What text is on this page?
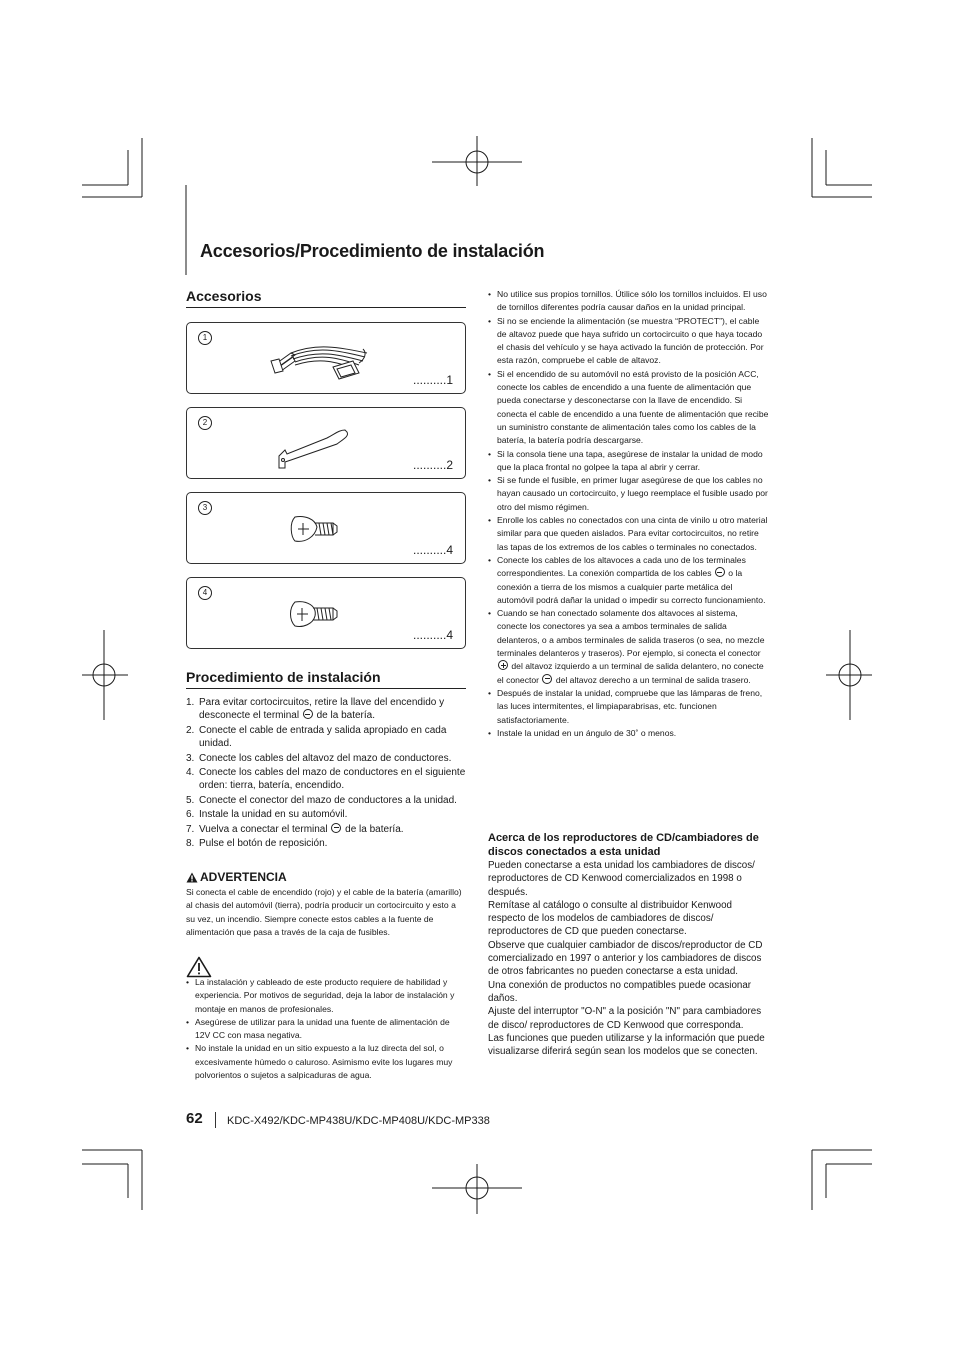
Accesorios/Procedimiento de instalación
Accesorios
1
..........1
2
..........2
3
..........4
4
..........4
Procedimiento de instalación
1. Para evitar cortocircuitos, retire la llave del encendido y desconecte el terminal de la batería.
2. Conecte el cable de entrada y salida apropiado en cada unidad.
3. Conecte los cables del altavoz del mazo de conductores.
4. Conecte los cables del mazo de conductores en el siguiente orden: tierra, batería, encendido.
5. Conecte el conector del mazo de conductores a la unidad.
6. Instale la unidad en su automóvil.
7. Vuelva a conectar el terminal de la batería.
8. Pulse el botón de reposición.
ADVERTENCIA

Si conecta el cable de encendido (rojo) y el cable de la batería (amarillo) al chasis del automóvil (tierra), podría producir un cortocircuito y esto a su vez, un incendio. Siempre conecte estos cables a la fuente de alimentación que pasa a través de la caja de fusibles.

• La instalación y cableado de este producto requiere de habilidad y experiencia. Por motivos de seguridad, deja la labor de instalación y montaje en manos de profesionales.
• Asegúrese de utilizar para la unidad una fuente de alimentación de 12V CC con masa negativa.
• No instale la unidad en un sitio expuesto a la luz directa del sol, o excesivamente húmedo o caluroso. Asimismo evite los lugares muy polvorientos o sujetos a salpicaduras de agua.
• No utilice sus propios tornillos. Útilice sólo los tornillos incluidos. El uso de tornillos diferentes podría causar daños en la unidad principal.
• Si no se enciende la alimentación (se muestra “PROTECT”), el cable de altavoz puede que haya sufrido un cortocircuito o que haya tocado el chasis del vehículo y se haya activado la función de protección. Por esta razón, compruebe el cable de altavoz.
• Si el encendido de su automóvil no está provisto de la posición ACC, conecte los cables de encendido a una fuente de alimentación que pueda conectarse y desconectarse con la llave de encendido. Si conecta el cable de encendido a una fuente de alimentación que recibe un suministro constante de alimentación tales como los cables de la batería, la batería podría descargarse.
• Si la consola tiene una tapa, asegúrese de instalar la unidad de modo que la placa frontal no golpee la tapa al abrir y cerrar.
• Si se funde el fusible, en primer lugar asegúrese de que los cables no hayan causado un cortocircuito, y luego reemplace el fusible usado por otro del mismo régimen.
• Enrolle los cables no conectados con una cinta de vinilo u otro material similar para que queden aislados. Para evitar cortocircuitos, no retire las tapas de los extremos de los cables o terminales no conectados.
• Conecte los cables de los altavoces a cada uno de los terminales correspondientes. La conexión compartida de los cables o la conexión a tierra de los mismos a cualquier parte metálica del automóvil podrá dañar la unidad o impedir su correcto funcionamiento.
• Cuando se han conectado solamente dos altavoces al sistema, conecte los conectores ya sea a ambos terminales de salida delanteros, o a ambos terminales de salida traseros (o sea, no mezcle terminales delanteros y traseros). Por ejemplo, si conecta el conector  del altavoz izquierdo a un terminal de salida delantero, no conecte el conector del altavoz derecho a un terminal de salida trasero.
• Después de instalar la unidad, compruebe que las lámparas de freno, las luces intermitentes, el limpiaparabrisas, etc. funcionen satisfactoriamente.
• Instale la unidad en un ángulo de 30˚ o menos.
Acerca de los reproductores de CD/cambiadores de discos conectados a esta unidad

Pueden conectarse a esta unidad los cambiadores de discos/ reproductores de CD Kenwood comercializados en 1998 o después.

Remítase al catálogo o consulte al distribuidor Kenwood respecto de los modelos de cambiadores de discos/ reproductores de CD que pueden conectarse.

Observe que cualquier cambiador de discos/reproductor de CD comercializado en 1997 o anterior y los cambiadores de discos de otros fabricantes no pueden conectarse a esta unidad.

Una conexión de productos no compatibles puede ocasionar daños.

Ajuste del interruptor "O-N" a la posición "N" para cambiadores de disco/ reproductores de CD Kenwood que corresponda.

Las funciones que pueden utilizarse y la información que puede visualizarse diferirá según sean los modelos que se conecten.

62 KDC-X492/KDC-MP438U/KDC-MP408U/KDC-MP338
